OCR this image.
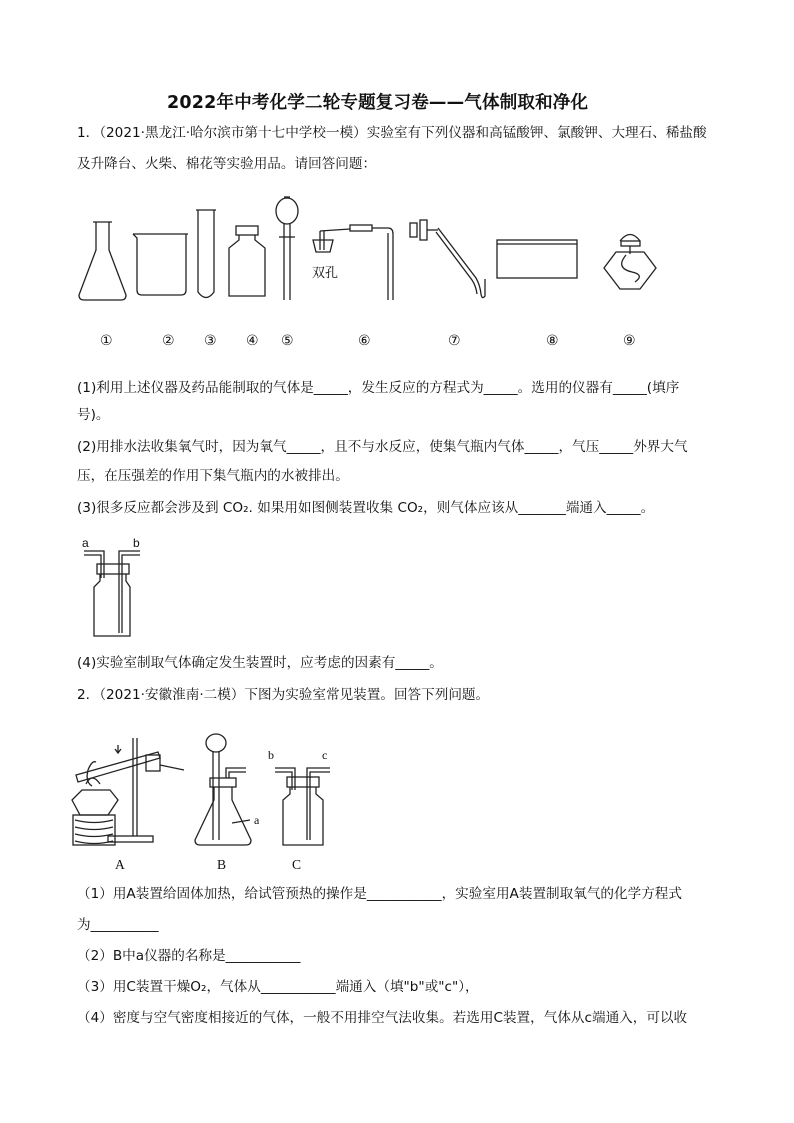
2022年中考化学二轮专题复习卷——气体制取和净化
1．（2021·黑龙江·哈尔滨市第十七中学校一模）实验室有下列仪器和高锰酸钾、氯酸钾、大理石、稀盐酸
及升降台、火柴、棉花等实验用品。请回答问题：
双孔
①	② ③ ④ ⑤	⑥	⑦	⑧	⑨
(1)利用上述仪器及药品能制取的气体是_____，发生反应的方程式为_____。选用的仪器有_____(填序
号)。
(2)用排水法收集氧气时，因为氧气_____，且不与水反应，使集气瓶内气体_____，气压_____外界大气
压，在压强差的作用下集气瓶内的水被排出。
(3)很多反应都会涉及到 CO₂. 如果用如图侧装置收集 CO₂，则气体应该从_______端通入_____。
a	b
(4)实验室制取气体确定发生装置时，应考虑的因素有_____。
2．（2021·安徽淮南·二模）下图为实验室常见装置。回答下列问题。
a
b	c
A	B	C
（1）用A装置给固体加热，给试管预热的操作是___________，实验室用A装置制取氧气的化学方程式
为__________
（2）B中a仪器的名称是___________
（3）用C装置干燥O₂，气体从___________端通入（填"b"或"c"），
（4）密度与空气密度相接近的气体，一般不用排空气法收集。若选用C装置，气体从c端通入，可以收
